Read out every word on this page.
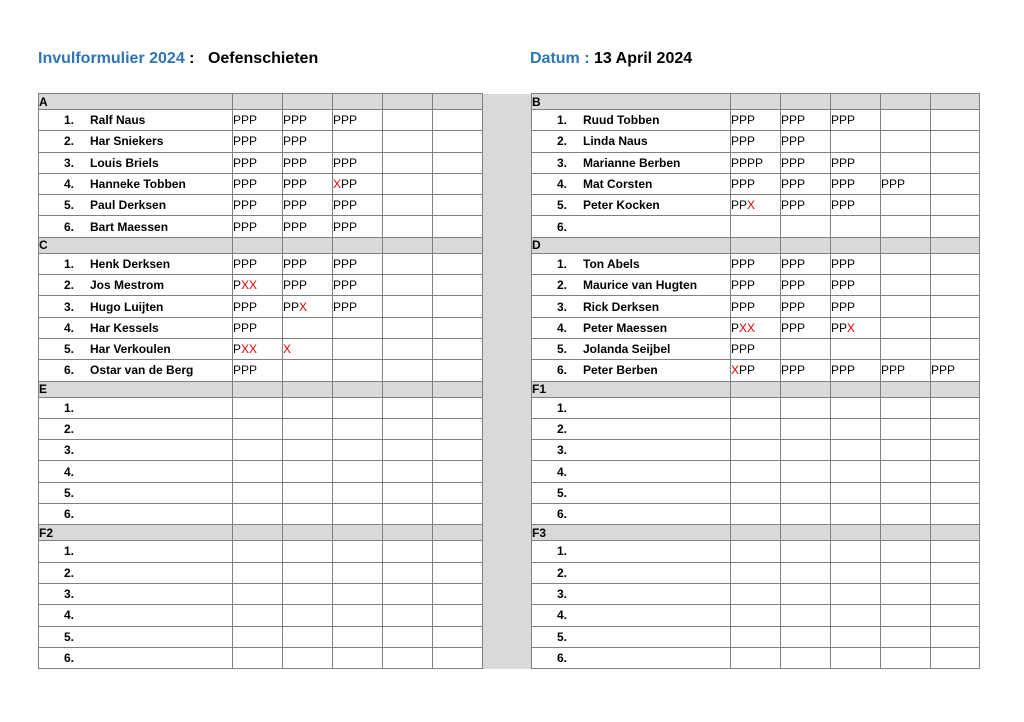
Invulformulier 2024 : Oefenschieten	Datum : 13 April 2024
A							B					
1. Ralf Naus	PPP	PPP	PPP				1. Ruud Tobben	PPP	PPP	PPP		
2. Har Sniekers	PPP	PPP					2. Linda Naus	PPP	PPP			
3. Louis Briels	PPP	PPP	PPP				3. Marianne Berben	PPPP	PPP	PPP		
4. Hanneke Tobben	PPP	PPP	XPP				4. Mat Corsten	PPP	PPP	PPP	PPP	
5. Paul Derksen	PPP	PPP	PPP				5. Peter Kocken	PPX	PPP	PPP		
6. Bart Maessen	PPP	PPP	PPP				6.					
C							D					
1. Henk Derksen	PPP	PPP	PPP				1. Ton Abels	PPP	PPP	PPP		
2. Jos Mestrom	PXX	PPP	PPP				2. Maurice van Hugten	PPP	PPP	PPP		
3. Hugo Luijten	PPP	PPX	PPP				3. Rick Derksen	PPP	PPP	PPP		
4. Har Kessels	PPP						4. Peter Maessen	PXX	PPP	PPX		
5. Har Verkoulen	PXX	X					5. Jolanda Seijbel	PPP				
6. Ostar van de Berg	PPP						6. Peter Berben	XPP	PPP	PPP	PPP	PPP
E							F1					
1.							1.					
2.							2.					
3.							3.					
4.							4.					
5.							5.					
6.							6.					
F2							F3					
1.							1.					
2.							2.					
3.							3.					
4.							4.					
5.							5.					
6.							6.					
